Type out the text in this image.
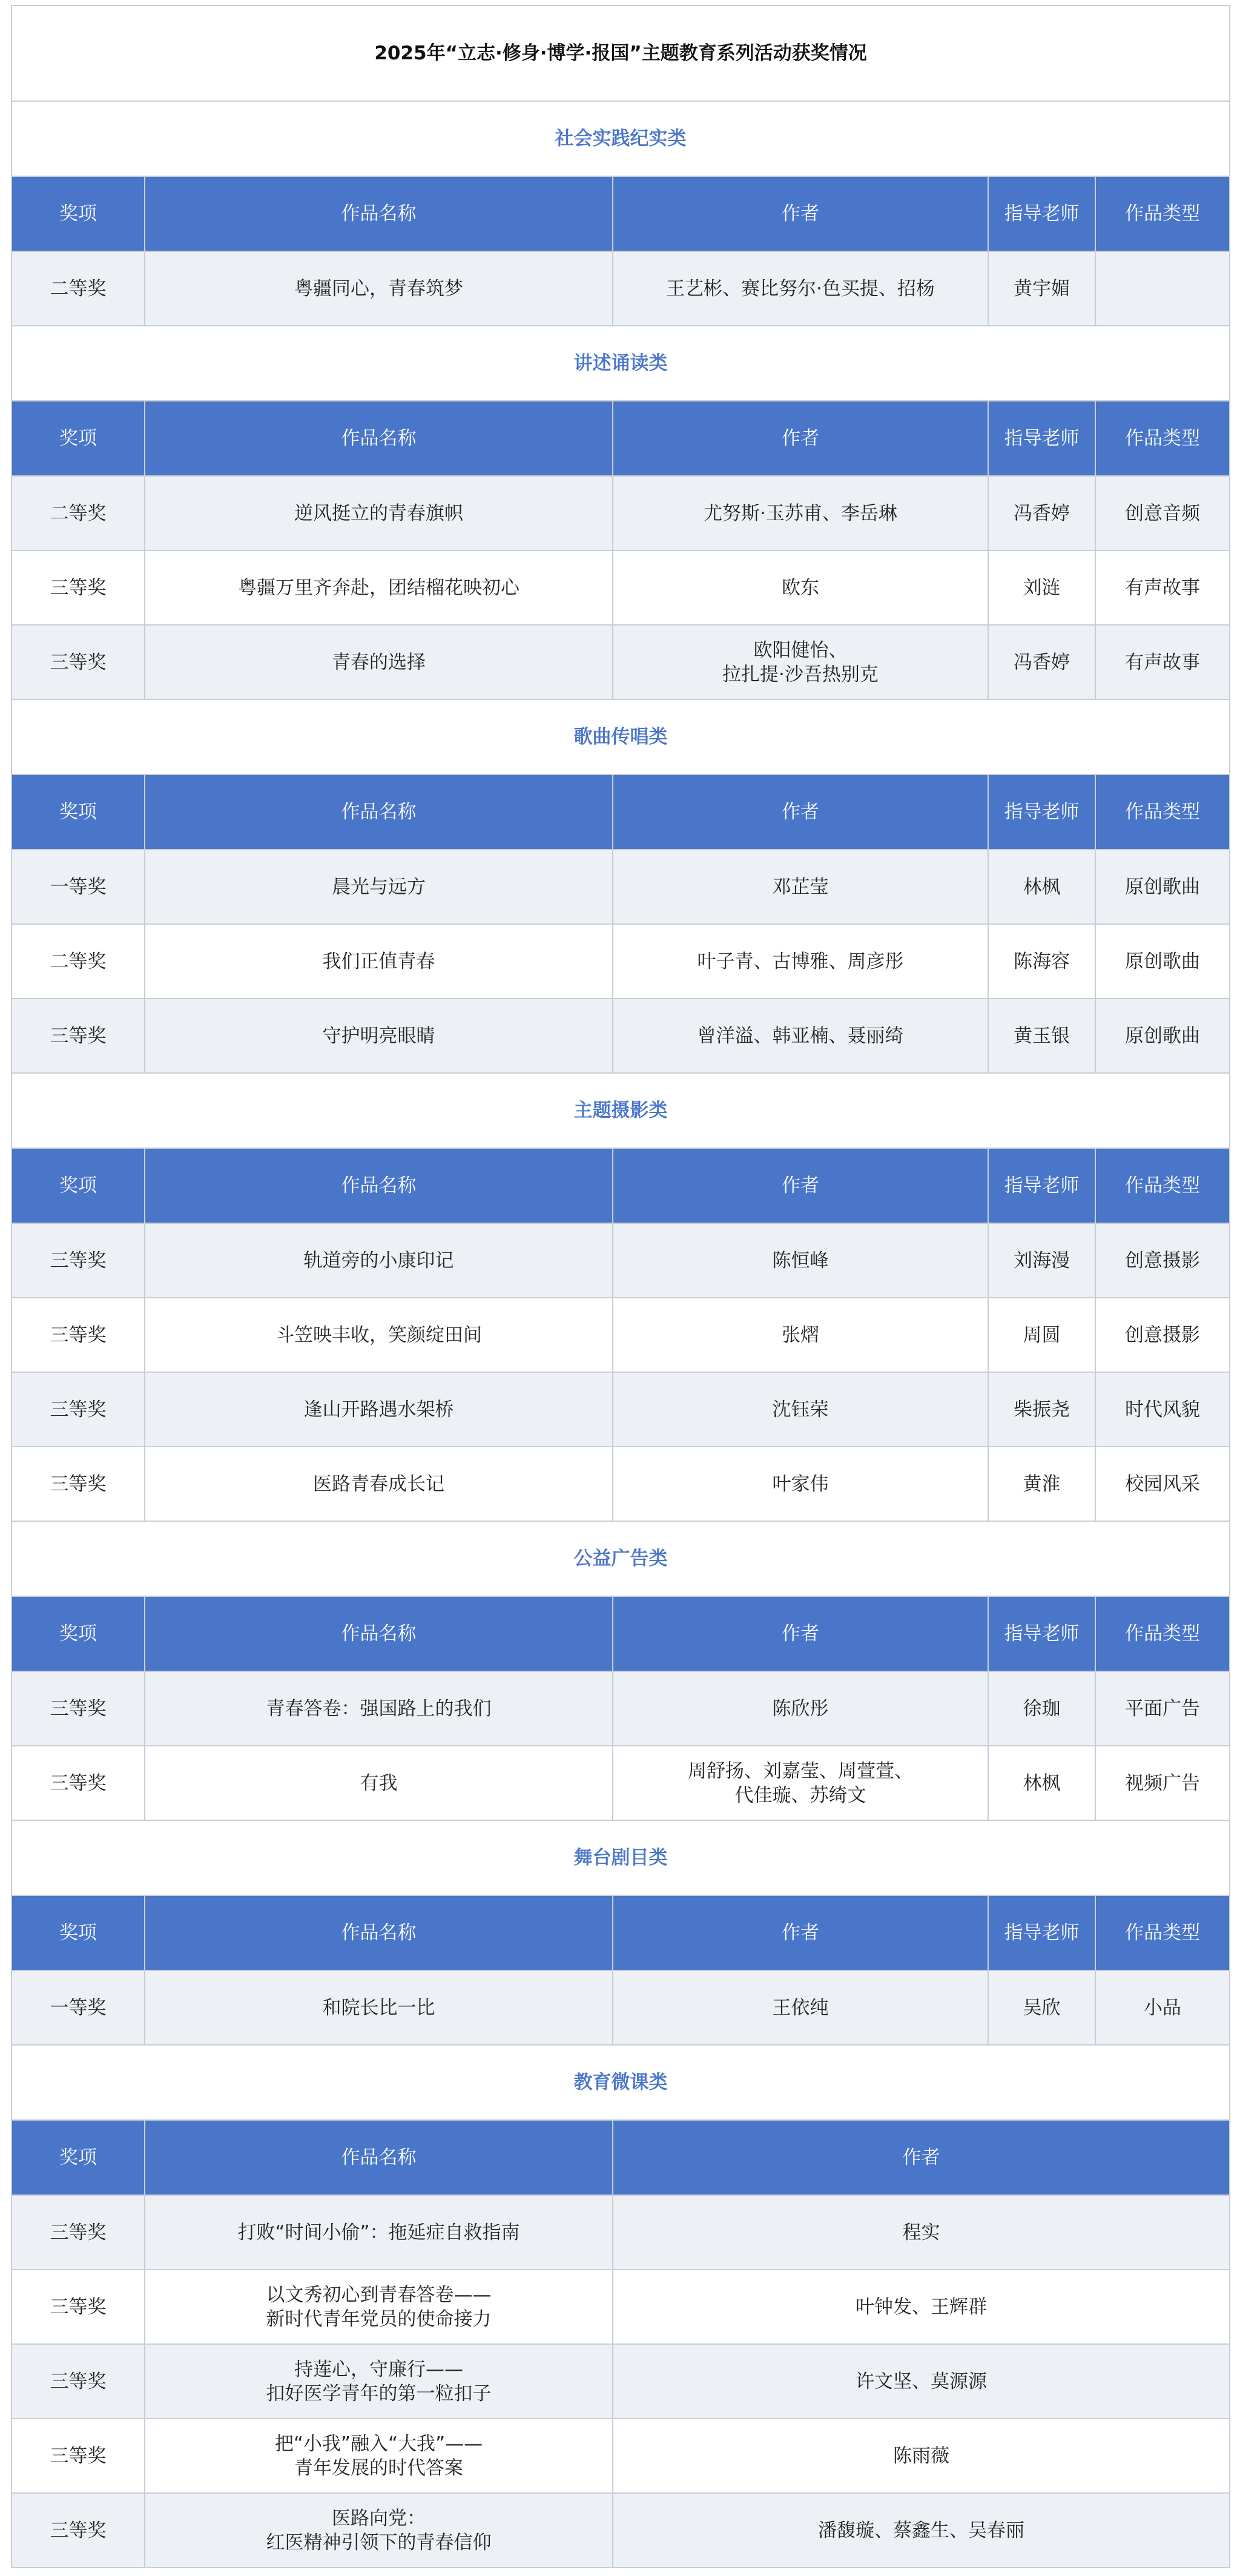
2025年“立志·修身·博学·报国”主题教育系列活动获奖情况				
社会实践纪实类				
奖项	作品名称	作者	指导老师	作品类型
二等奖	粤疆同心，青春筑梦	王艺彬、赛比努尔·色买提、招杨	黄宇媚	
讲述诵读类				
奖项	作品名称	作者	指导老师	作品类型
二等奖	逆风挺立的青春旗帜	尤努斯·玉苏甫、李岳琳	冯香婷	创意音频
三等奖	粤疆万里齐奔赴，团结榴花映初心	欧东	刘涟	有声故事
三等奖	青春的选择	欧阳健怡、
拉扎提·沙吾热别克	冯香婷	有声故事
歌曲传唱类				
奖项	作品名称	作者	指导老师	作品类型
一等奖	晨光与远方	邓芷莹	林枫	原创歌曲
二等奖	我们正值青春	叶子青、古博雅、周彦彤	陈海容	原创歌曲
三等奖	守护明亮眼睛	曾洋溢、韩亚楠、聂丽绮	黄玉银	原创歌曲
主题摄影类				
奖项	作品名称	作者	指导老师	作品类型
三等奖	轨道旁的小康印记	陈恒峰	刘海漫	创意摄影
三等奖	斗笠映丰收，笑颜绽田间	张熠	周圆	创意摄影
三等奖	逢山开路遇水架桥	沈钰荣	柴振尧	时代风貌
三等奖	医路青春成长记	叶家伟	黄淮	校园风采
公益广告类				
奖项	作品名称	作者	指导老师	作品类型
三等奖	青春答卷：强国路上的我们	陈欣彤	徐珈	平面广告
三等奖	有我	周舒扬、刘嘉莹、周萱萱、
代佳璇、苏绮文	林枫	视频广告
舞台剧目类				
奖项	作品名称	作者	指导老师	作品类型
一等奖	和院长比一比	王依纯	吴欣	小品
教育微课类				
奖项	作品名称	作者		
三等奖	打败“时间小偷”：拖延症自救指南	程实		
三等奖	以文秀初心到青春答卷——
新时代青年党员的使命接力	叶钟发、王辉群		
三等奖	持莲心，守廉行——
扣好医学青年的第一粒扣子	许文坚、莫源源		
三等奖	把“小我”融入“大我”——
青年发展的时代答案	陈雨薇		
三等奖	医路向党：
红医精神引领下的青春信仰	潘馥璇、蔡鑫生、吴春丽		
